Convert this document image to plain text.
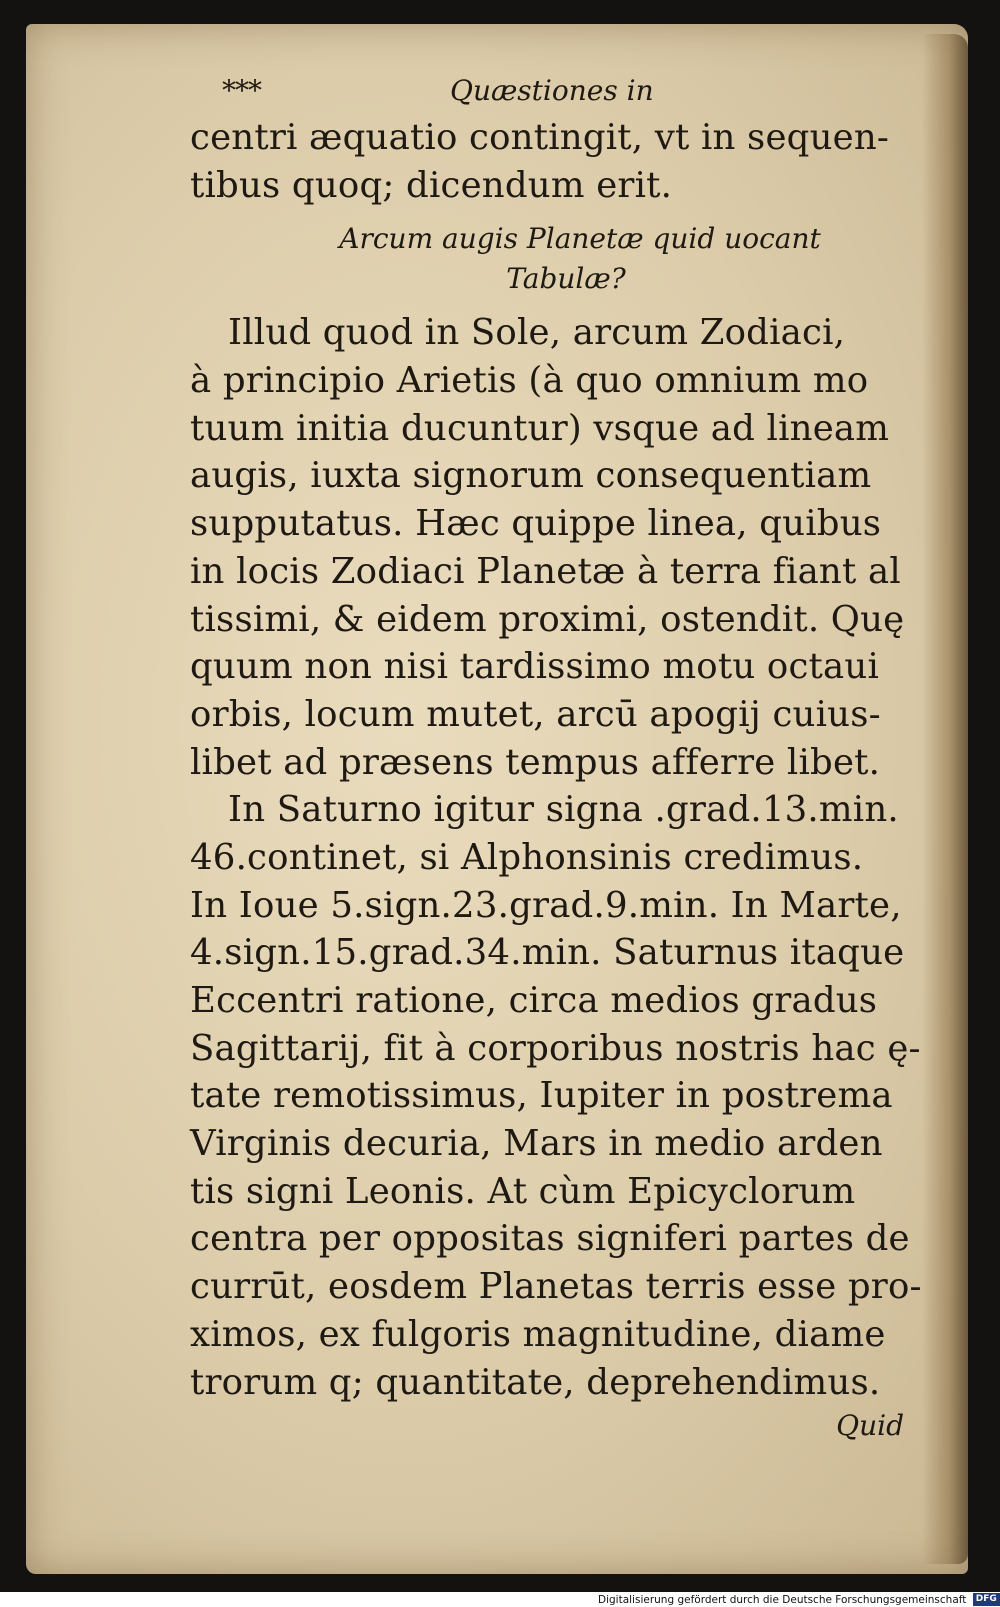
***	Quæstiones in
centri æquatio contingit, vt in sequen-
tibus quoq; dicendum erit.
Arcum augis Planetæ quid uocant
Tabulæ?
Illud quod in Sole, arcum Zodiaci,
à principio Arietis (à quo omnium mo
tuum initia ducuntur) vsque ad lineam
augis, iuxta signorum consequentiam
supputatus. Hæc quippe linea, quibus
in locis Zodiaci Planetæ à terra fiant al
tissimi, & eidem proximi, ostendit. Quę
quum non nisi tardissimo motu octaui
orbis, locum mutet, arcū apogij cuius-
libet ad præsens tempus afferre libet.
In Saturno igitur signa .grad.13.min.
46.continet, si Alphonsinis credimus.
In Ioue 5.sign.23.grad.9.min. In Marte,
4.sign.15.grad.34.min. Saturnus itaque
Eccentri ratione, circa medios gradus
Sagittarij, fit à corporibus nostris hac ę-
tate remotissimus, Iupiter in postrema
Virginis decuria, Mars in medio arden
tis signi Leonis. At cùm Epicyclorum
centra per oppositas signiferi partes de
currūt, eosdem Planetas terris esse pro-
ximos, ex fulgoris magnitudine, diame
trorum q; quantitate, deprehendimus.
Quid
Digitalisierung gefördert durch die Deutsche Forschungsgemeinschaft DFG
